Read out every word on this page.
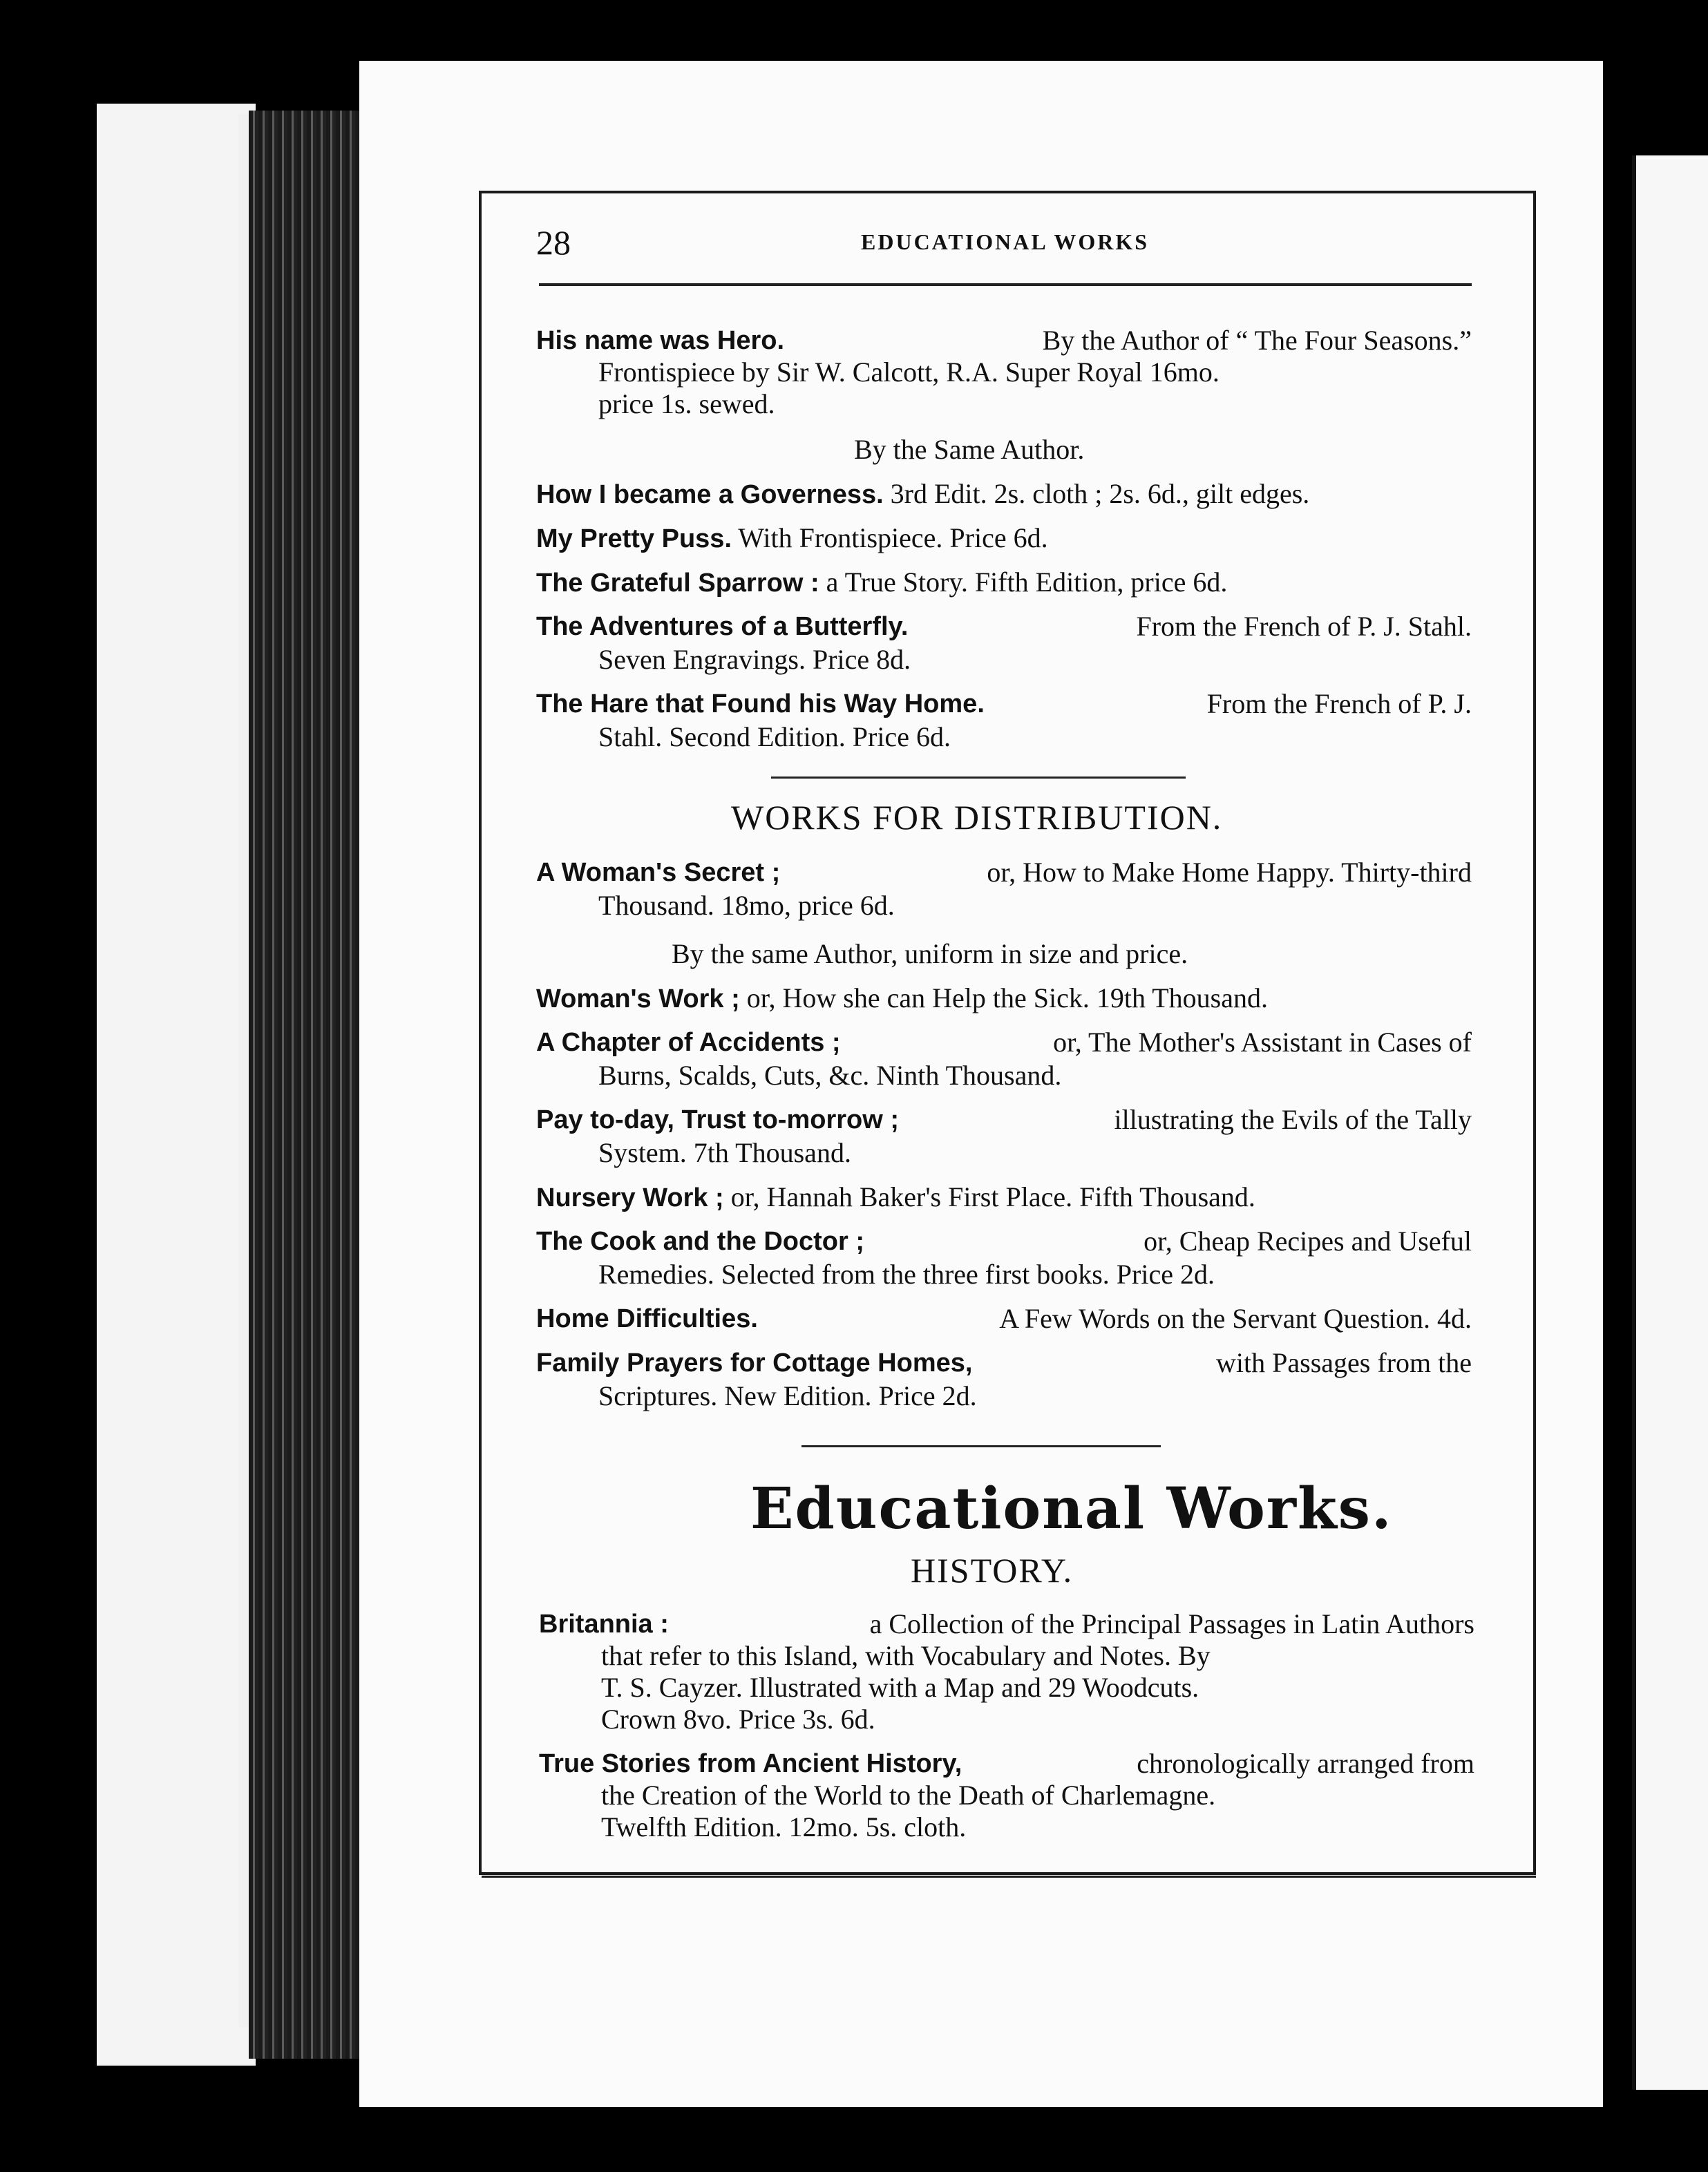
28	EDUCATIONAL WORKS
His name was Hero.	By the Author of “ The Four Seasons.”
Frontispiece by Sir W. Calcott, R.A. Super Royal 16mo.
price 1s. sewed.
By the Same Author.
How I became a Governess. 3rd Edit. 2s. cloth ; 2s. 6d., gilt edges.
My Pretty Puss. With Frontispiece. Price 6d.
The Grateful Sparrow : a True Story. Fifth Edition, price 6d.
The Adventures of a Butterfly.	From the French of P. J. Stahl.
Seven Engravings. Price 8d.
The Hare that Found his Way Home.	From the French of P. J.
Stahl. Second Edition. Price 6d.
WORKS FOR DISTRIBUTION.
A Woman's Secret ;	or, How to Make Home Happy. Thirty-third
Thousand. 18mo, price 6d.
By the same Author, uniform in size and price.
Woman's Work ; or, How she can Help the Sick. 19th Thousand.
A Chapter of Accidents ;	or, The Mother's Assistant in Cases of
Burns, Scalds, Cuts, &c. Ninth Thousand.
Pay to-day, Trust to-morrow ;	illustrating the Evils of the Tally
System. 7th Thousand.
Nursery Work ; or, Hannah Baker's First Place. Fifth Thousand.
The Cook and the Doctor ;	or, Cheap Recipes and Useful
Remedies. Selected from the three first books. Price 2d.
Home Difficulties.	A Few Words on the Servant Question. 4d.
Family Prayers for Cottage Homes,	with Passages from the
Scriptures. New Edition. Price 2d.
Educational Works.
HISTORY.
Britannia :	a Collection of the Principal Passages in Latin Authors
that refer to this Island, with Vocabulary and Notes. By
T. S. Cayzer. Illustrated with a Map and 29 Woodcuts.
Crown 8vo. Price 3s. 6d.
True Stories from Ancient History,	chronologically arranged from
the Creation of the World to the Death of Charlemagne.
Twelfth Edition. 12mo. 5s. cloth.
